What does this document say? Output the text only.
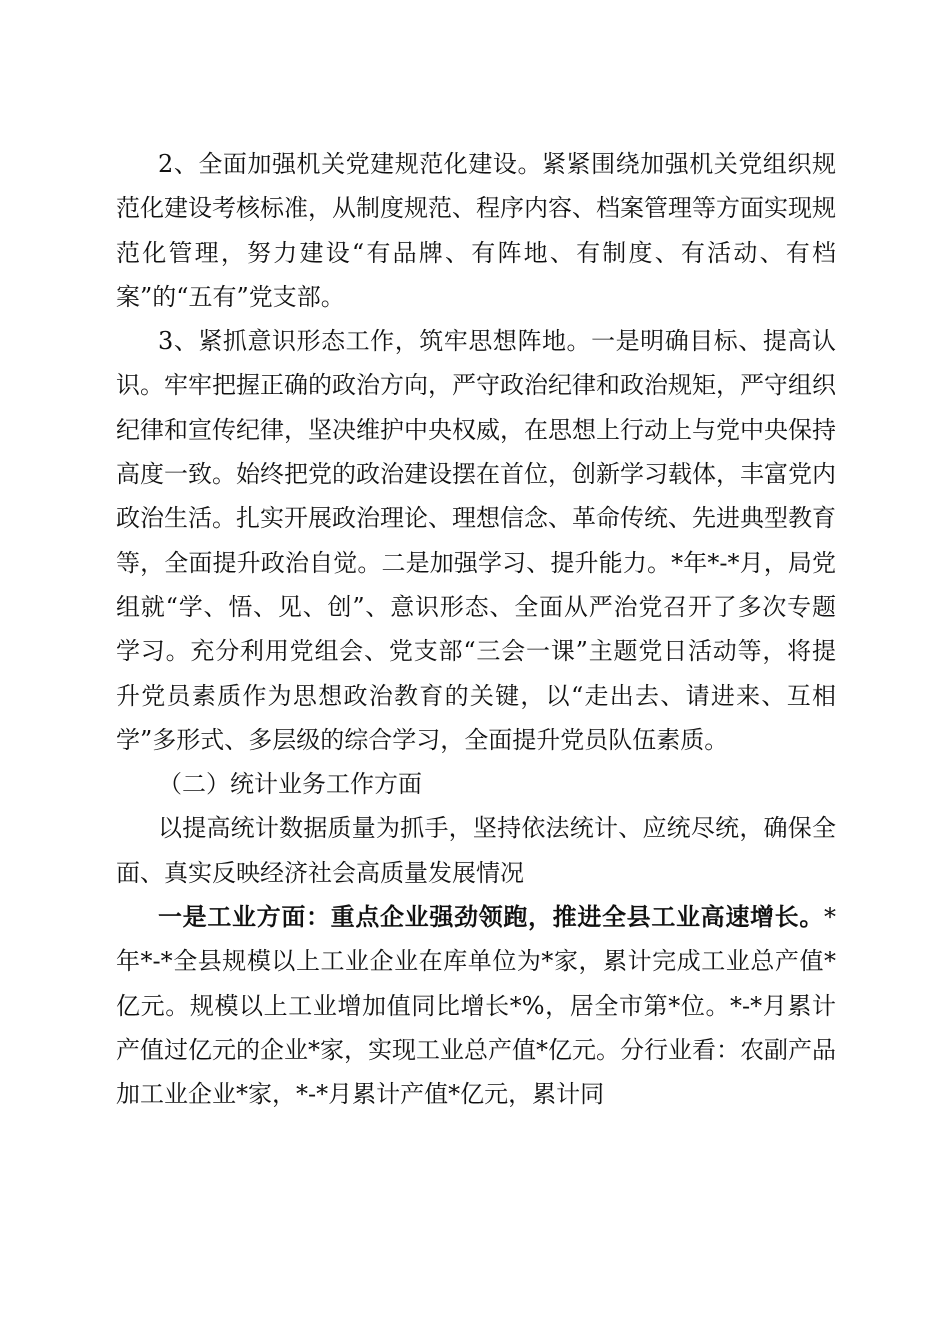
2、全面加强机关党建规范化建设。紧紧围绕加强机关党组织规范化建设考核标准，从制度规范、程序内容、档案管理等方面实现规范化管理，努力建设“有品牌、有阵地、有制度、有活动、有档案”的“五有”党支部。

3、紧抓意识形态工作，筑牢思想阵地。一是明确目标、提高认识。牢牢把握正确的政治方向，严守政治纪律和政治规矩，严守组织纪律和宣传纪律，坚决维护中央权威，在思想上行动上与党中央保持高度一致。始终把党的政治建设摆在首位，创新学习载体，丰富党内政治生活。扎实开展政治理论、理想信念、革命传统、先进典型教育等，全面提升政治自觉。二是加强学习、提升能力。*年*-*月，局党组就“学、悟、见、创”、意识形态、全面从严治党召开了多次专题学习。充分利用党组会、党支部“三会一课”主题党日活动等，将提升党员素质作为思想政治教育的关键，以“走出去、请进来、互相学”多形式、多层级的综合学习，全面提升党员队伍素质。

（二）统计业务工作方面

以提高统计数据质量为抓手，坚持依法统计、应统尽统，确保全面、真实反映经济社会高质量发展情况

一是工业方面：重点企业强劲领跑，推进全县工业高速增长。*年*-*全县规模以上工业企业在库单位为*家，累计完成工业总产值*亿元。规模以上工业增加值同比增长*%，居全市第*位。*-*月累计产值过亿元的企业*家，实现工业总产值*亿元。分行业看：农副产品加工业企业*家，*-*月累计产值*亿元，累计同
